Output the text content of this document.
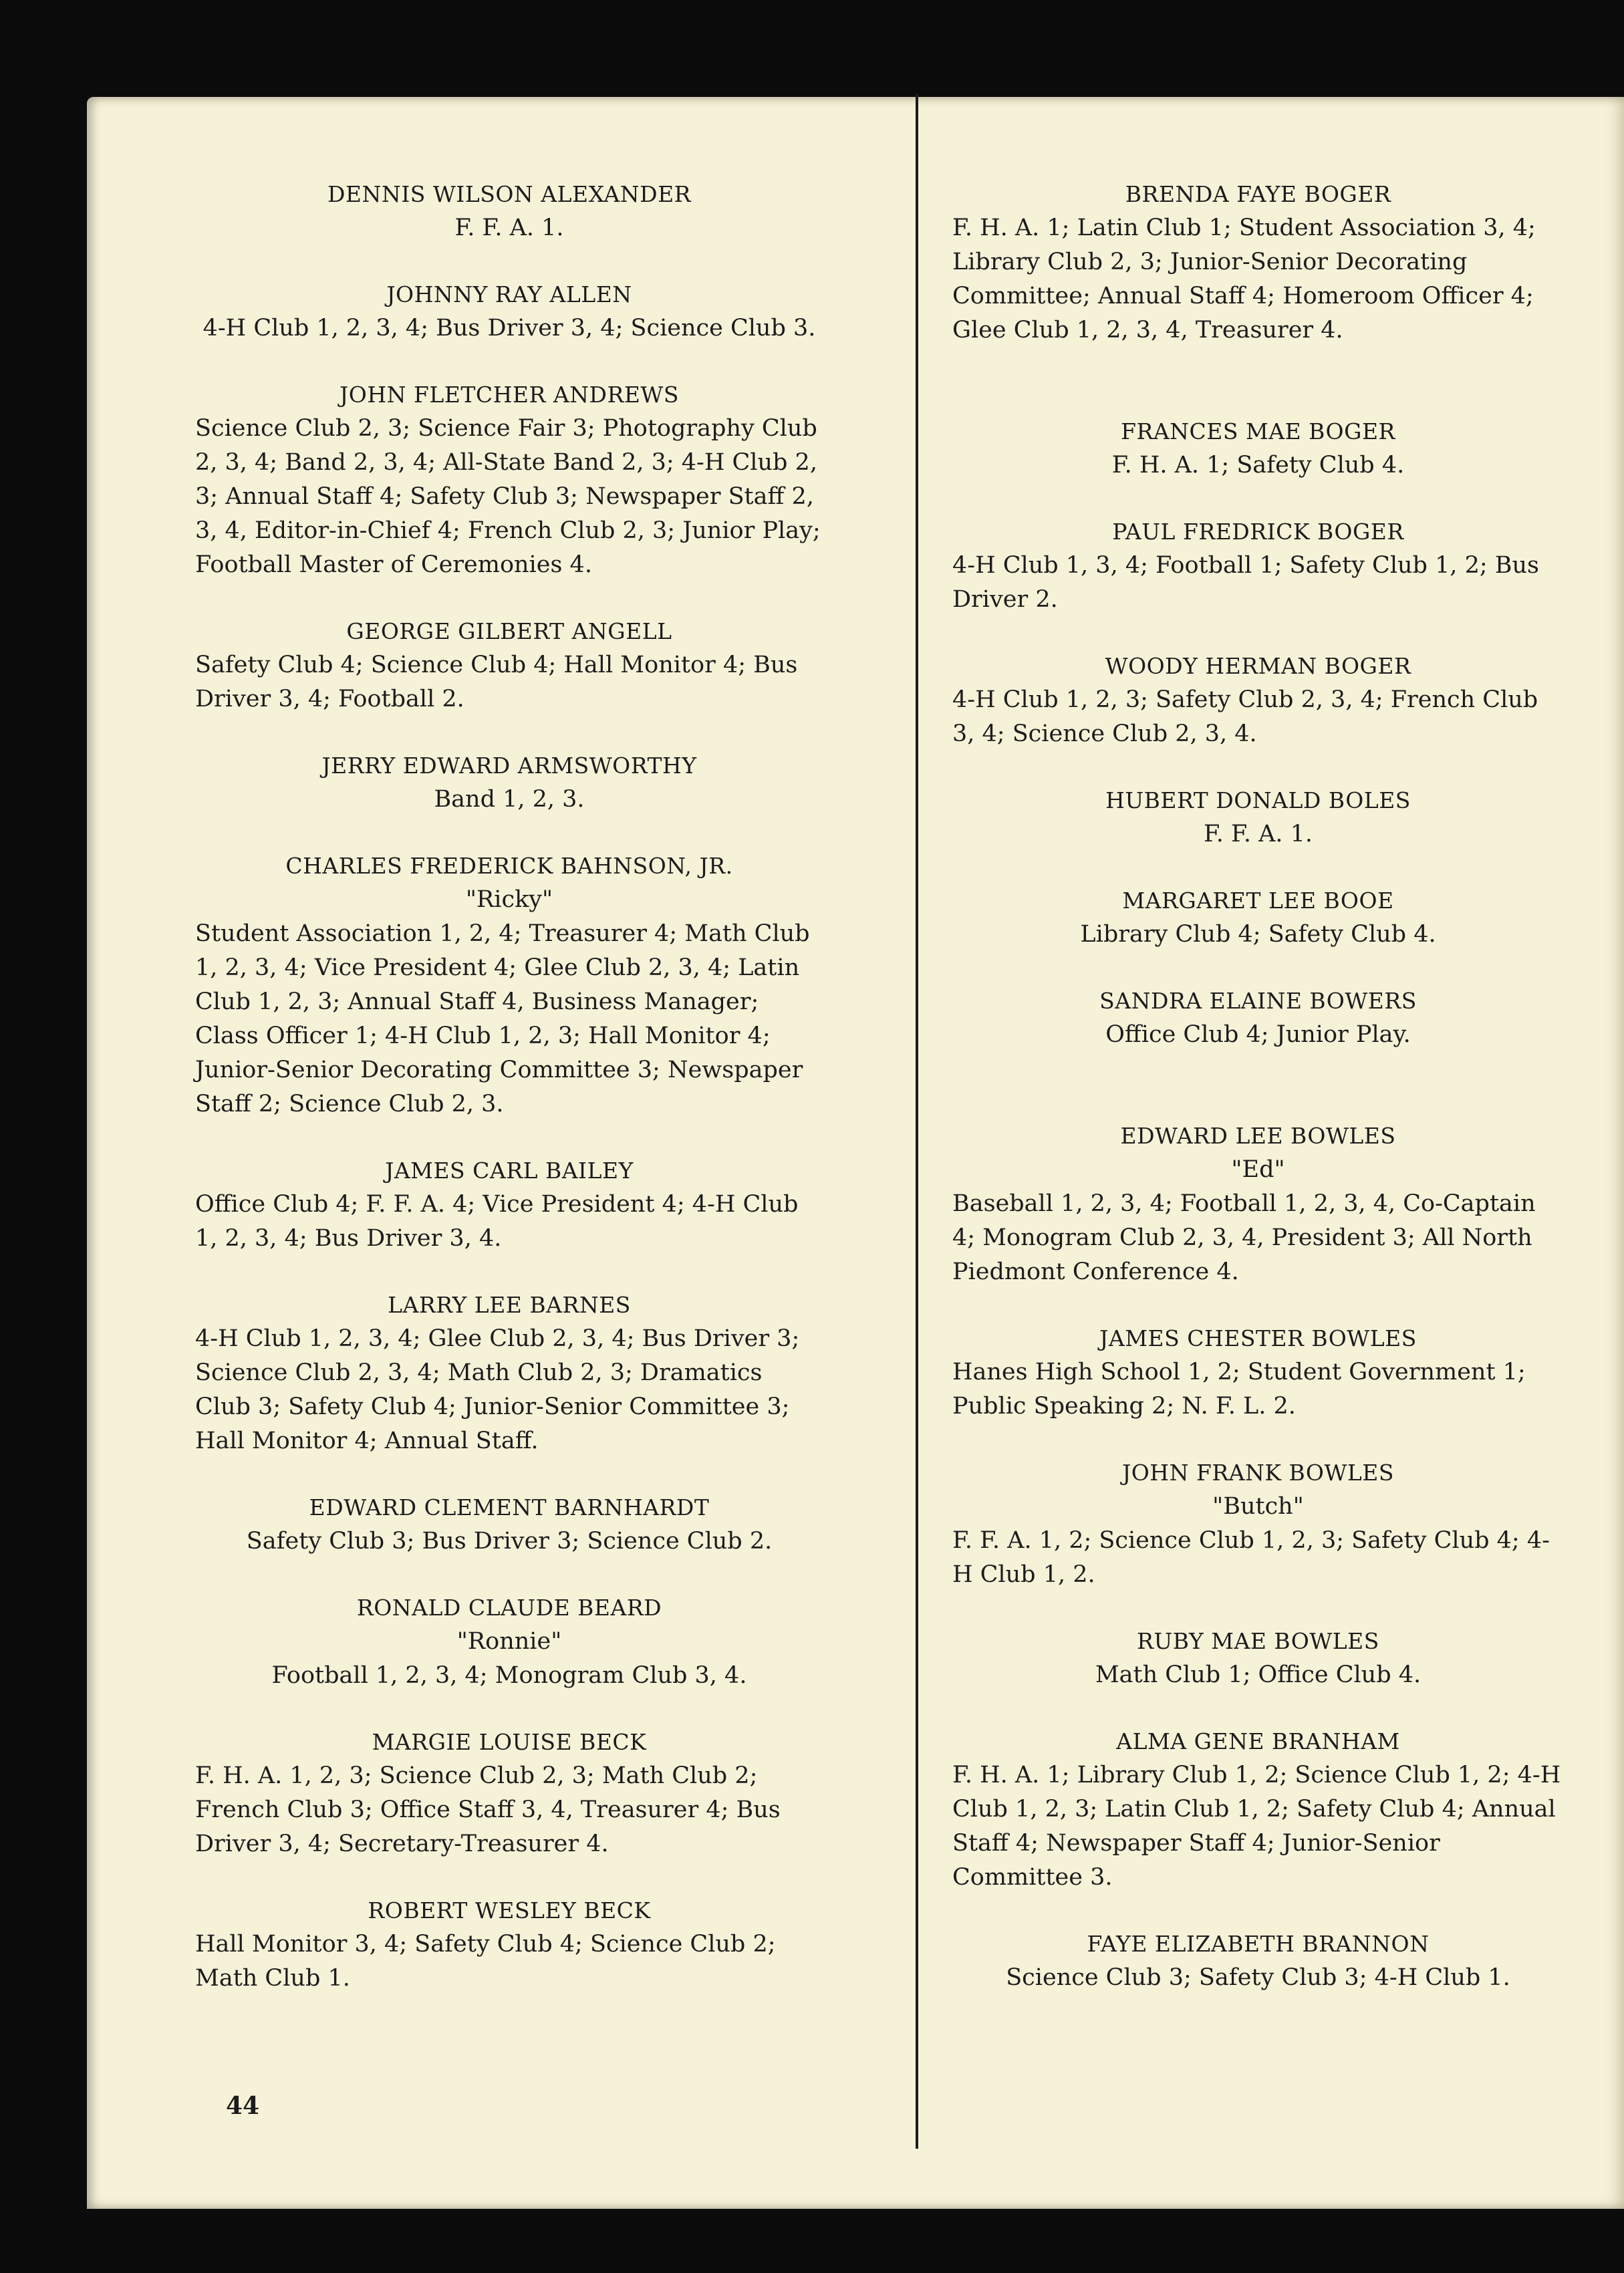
DENNIS WILSON ALEXANDER
F. F. A. 1.
JOHNNY RAY ALLEN
4-H Club 1, 2, 3, 4; Bus Driver 3, 4; Science Club 3.
JOHN FLETCHER ANDREWS
Science Club 2, 3; Science Fair 3; Photography Club 2, 3, 4; Band 2, 3, 4; All-State Band 2, 3; 4-H Club 2, 3; Annual Staff 4; Safety Club 3; Newspaper Staff 2, 3, 4, Editor-in-Chief 4; French Club 2, 3; Junior Play; Football Master of Ceremonies 4.
GEORGE GILBERT ANGELL
Safety Club 4; Science Club 4; Hall Monitor 4; Bus Driver 3, 4; Football 2.
JERRY EDWARD ARMSWORTHY
Band 1, 2, 3.
CHARLES FREDERICK BAHNSON, JR.
"Ricky"
Student Association 1, 2, 4; Treasurer 4; Math Club 1, 2, 3, 4; Vice President 4; Glee Club 2, 3, 4; Latin Club 1, 2, 3; Annual Staff 4, Business Manager; Class Officer 1; 4-H Club 1, 2, 3; Hall Monitor 4; Junior-Senior Decorating Committee 3; Newspaper Staff 2; Science Club 2, 3.
JAMES CARL BAILEY
Office Club 4; F. F. A. 4; Vice President 4; 4-H Club 1, 2, 3, 4; Bus Driver 3, 4.
LARRY LEE BARNES
4-H Club 1, 2, 3, 4; Glee Club 2, 3, 4; Bus Driver 3; Science Club 2, 3, 4; Math Club 2, 3; Dramatics Club 3; Safety Club 4; Junior-Senior Committee 3; Hall Monitor 4; Annual Staff.
EDWARD CLEMENT BARNHARDT
Safety Club 3; Bus Driver 3; Science Club 2.
RONALD CLAUDE BEARD
"Ronnie"
Football 1, 2, 3, 4; Monogram Club 3, 4.
MARGIE LOUISE BECK
F. H. A. 1, 2, 3; Science Club 2, 3; Math Club 2; French Club 3; Office Staff 3, 4, Treasurer 4; Bus Driver 3, 4; Secretary-Treasurer 4.
ROBERT WESLEY BECK
Hall Monitor 3, 4; Safety Club 4; Science Club 2; Math Club 1.
BRENDA FAYE BOGER
F. H. A. 1; Latin Club 1; Student Association 3, 4; Library Club 2, 3; Junior-Senior Decorating Committee; Annual Staff 4; Homeroom Officer 4; Glee Club 1, 2, 3, 4, Treasurer 4.
FRANCES MAE BOGER
F. H. A. 1; Safety Club 4.
PAUL FREDRICK BOGER
4-H Club 1, 3, 4; Football 1; Safety Club 1, 2; Bus Driver 2.
WOODY HERMAN BOGER
4-H Club 1, 2, 3; Safety Club 2, 3, 4; French Club 3, 4; Science Club 2, 3, 4.
HUBERT DONALD BOLES
F. F. A. 1.
MARGARET LEE BOOE
Library Club 4; Safety Club 4.
SANDRA ELAINE BOWERS
Office Club 4; Junior Play.
EDWARD LEE BOWLES
"Ed"
Baseball 1, 2, 3, 4; Football 1, 2, 3, 4, Co-Captain 4; Monogram Club 2, 3, 4, President 3; All North Piedmont Conference 4.
JAMES CHESTER BOWLES
Hanes High School 1, 2; Student Government 1; Public Speaking 2; N. F. L. 2.
JOHN FRANK BOWLES
"Butch"
F. F. A. 1, 2; Science Club 1, 2, 3; Safety Club 4; 4-H Club 1, 2.
RUBY MAE BOWLES
Math Club 1; Office Club 4.
ALMA GENE BRANHAM
F. H. A. 1; Library Club 1, 2; Science Club 1, 2; 4-H Club 1, 2, 3; Latin Club 1, 2; Safety Club 4; Annual Staff 4; Newspaper Staff 4; Junior-Senior Committee 3.
FAYE ELIZABETH BRANNON
Science Club 3; Safety Club 3; 4-H Club 1.
44
